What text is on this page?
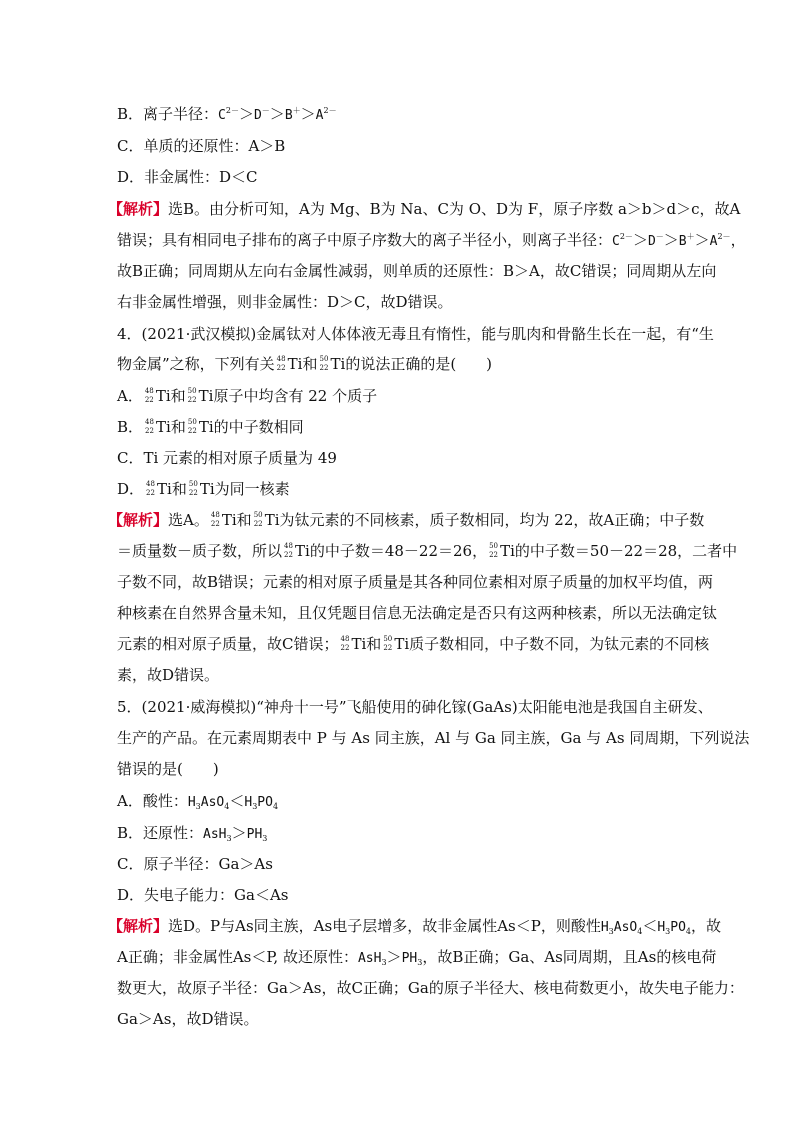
B．离子半径：$C^{2-}>D^->B^+>A^{2-}$
C．单质的还原性：A＞B
D．非金属性：D＜C
【解析】选B。由分析可知，A为 Mg、B为 Na、C为 O、D为 F，原子序数 a＞b＞d＞c，故A
错误；具有相同电子排布的离子中原子序数大的离子半径小，则离子半径：$C^{2-}>D^->B^+>A^{2-}$，
故B正确；同周期从左向右金属性减弱，则单质的还原性：B＞A，故C错误；同周期从左向
右非金属性增强，则非金属性：D＞C，故D错误。
4．(2021·武汉模拟)金属钛对人体体液无毒且有惰性，能与肌肉和骨骼生长在一起，有“生
物金属”之称，下列有关 48
22 Ti和 50
22 Ti的说法正确的是(　　)
A． 48
22 Ti和 50
22 Ti原子中均含有 22 个质子
B． 48
22 Ti和 50
22 Ti的中子数相同
C．Ti 元素的相对原子质量为 49
D． 48
22 Ti和 50
22 Ti为同一核素
【解析】选A。 48
22 Ti和 50
22 Ti为钛元素的不同核素，质子数相同，均为 22，故A正确；中子数
＝质量数－质子数，所以 48
22 Ti的中子数＝48－22＝26， 50
22 Ti的中子数＝50－22＝28，二者中
子数不同，故B错误；元素的相对原子质量是其各种同位素相对原子质量的加权平均值，两
种核素在自然界含量未知，且仅凭题目信息无法确定是否只有这两种核素，所以无法确定钛
元素的相对原子质量，故C错误； 48
22 Ti和 50
22 Ti质子数相同，中子数不同，为钛元素的不同核
素，故D错误。
5．(2021·威海模拟)“神舟十一号”飞船使用的砷化镓(GaAs)太阳能电池是我国自主研发、
生产的产品。在元素周期表中 P 与 As 同主族，Al 与 Ga 同主族，Ga 与 As 同周期，下列说法
错误的是(　　)
A．酸性：$H_3AsO_4<H_3PO_4$
B．还原性：$AsH_3>PH_3$
C．原子半径：Ga＞As
D．失电子能力：Ga＜As
【解析】选D。P与As同主族，As电子层增多，故非金属性As＜P，则酸性$H_3AsO_4<H_3PO_4$，故
A正确；非金属性As＜P, 故还原性：$AsH_3>PH_3$，故B正确；Ga、As同周期，且As的核电荷
数更大，故原子半径：Ga＞As，故C正确；Ga的原子半径大、核电荷数更小，故失电子能力：
Ga＞As，故D错误。
